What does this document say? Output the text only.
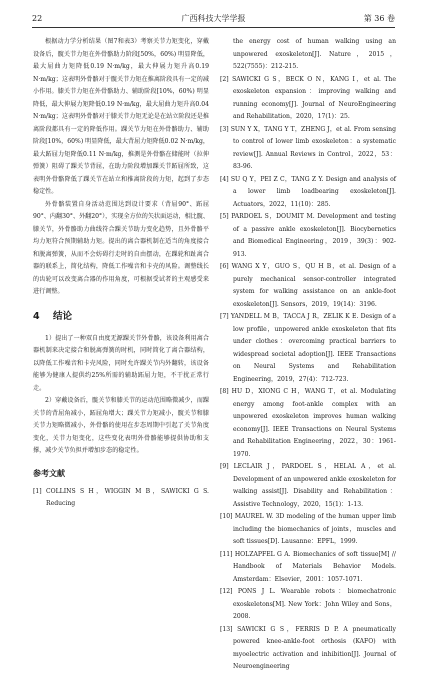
22	广西科技大学学报	第 36 卷

根据动力学分析结果（图7和表3）考察关节力矩变化，穿戴设备后，髋关节力矩在外骨骼助力阶段[50%，60%) 明显降低，最大屈曲力矩降低0.19 N·m/kg，最大伸展力矩升高0.19 N·m/kg；这表明外骨骼对于髋关节力矩在推离阶段具有一定的减小作用。膝关节力矩在外骨骼助力、辅助阶段[10%，60%) 明显降低，最大伸展力矩降低0.19 N·m/kg，最大屈曲力矩升高0.04 N·m/kg；这表明外骨骼对于膝关节力矩无论是在站立阶段还是推离阶段都具有一定的降低作用。踝关节力矩在外骨骼助力、辅助阶段[10%，60%) 明显降低，最大背屈力矩降低0.02 N·m/kg，最大跖屈力矩降低0.11 N·m/kg，推测是外骨骼在储能时（拉伸弹簧）阻碍了踝关节背屈，在助力阶段增加踝关节跖屈所致，这表明外骨骼降低了踝关节在站立和推离阶段的力矩，起到了步态稳定性。

外骨骼装置自身活动范围达到设计要求（背屈90°、跖屈90°、内翻30°、外翻20°），实现全方位的矢状面运动，相比髋、膝关节，外骨骼助力曲线符合踝关节助力变化趋势，且外骨骼平均力矩符合预期辅助力矩。提出的离合器机制在适当的角度接合和脱离弹簧，从而不会妨碍行走时的自由摆动，在踝轮和趾离合器的联系上，简化结构，降低工作噪音和卡壳的风险。调整线长的齿轮可以改变离合器的作用角度，可根据受试者的主观感受来进行调整。

4 结论

1）提出了一种双自由度无源踝关节外骨骼，该设备利用离合器机制来决定接合和脱离弹簧的时机，同时简化了离合器结构，以降低工作噪音和卡壳风险，同时允许踝关节内外翻转，该设备能够为健康人提供约25%所需的辅助跖屈力矩，不干扰正常行走。

2）穿戴设备后，髋关节和膝关节的运动范围略微减少，而踝关节的背屈角减小，跖屈角增大；踝关节力矩减小，髋关节和膝关节力矩略微减小，外骨骼的使用在步态周期中引起了关节角度变化，关节力矩变化，这些变化表明外骨骼能够提供协助和支撑，减少关节负担并增加步态的稳定性。

参考文献

[1] COLLINS S H，WIGGIN M B，SAWICKI G S. Reducing

the energy cost of human walking using an unpowered exoskeleton[J]. Nature，2015，522(7555)：212-215.

[2] SAWICKI G S，BECK O N，KANG I，et al. The exoskeleton expansion：improving walking and running economy[J]. Journal of NeuroEngineering and Rehabilitation，2020，17(1)：25.

[3] SUN Y X，TANG Y T，ZHENG J，et al. From sensing to control of lower limb exoskeleton：a systematic review[J]. Annual Reviews in Control，2022，53：83-96.

[4] SU Q Y，PEI Z C，TANG Z Y. Design and analysis of a lower limb loadbearing exoskeleton[J]. Actuators，2022，11(10)：285.

[5] PARDOEL S，DOUMIT M. Development and testing of a passive ankle exoskeleton[J]. Biocybernetics and Biomedical Engineering，2019，39(3)：902-913.

[6] WANG X Y，GUO S，QU H B，et al. Design of a purely mechanical sensor-controller integrated system for walking assistance on an ankle-foot exoskeleton[J]. Sensors，2019，19(14)：3196.

[7] YANDELL M B，TACCA J R，ZELIK K E. Design of a low profile，unpowered ankle exoskeleton that fits under clothes：overcoming practical barriers to widespread societal adoption[J]. IEEE Transactions on Neural Systems and Rehabilitation Engineering，2019，27(4)：712-723.

[8] HU D，XIONG C H，WANG T，et al. Modulating energy among foot-ankle complex with an unpowered exoskeleton improves human walking economy[J]. IEEE Transactions on Neural Systems and Rehabilitation Engineering，2022，30：1961-1970.

[9] LECLAIR J，PARDOEL S，HELAL A，et al. Development of an unpowered ankle exoskeleton for walking assist[J]. Disability and Rehabilitation：Assistive Technology，2020，15(1)：1-13.

[10] MAUREL W. 3D modeling of the human upper limb including the biomechanics of joints，muscles and soft tissues[D]. Lausanne：EPFL，1999.

[11] HOLZAPFEL G A. Biomechanics of soft tissue[M] // Handbook of Materials Behavior Models. Amsterdam：Elsevier，2001：1057-1071.

[12] PONS J L. Wearable robots：biomechatronic exoskeletons[M]. New York：John Wiley and Sons，2008.

[13] SAWICKI G S，FERRIS D P. A pneumatically powered knee-ankle-foot orthosis (KAFO) with myoelectric activation and inhibition[J]. Journal of Neuroengineering
